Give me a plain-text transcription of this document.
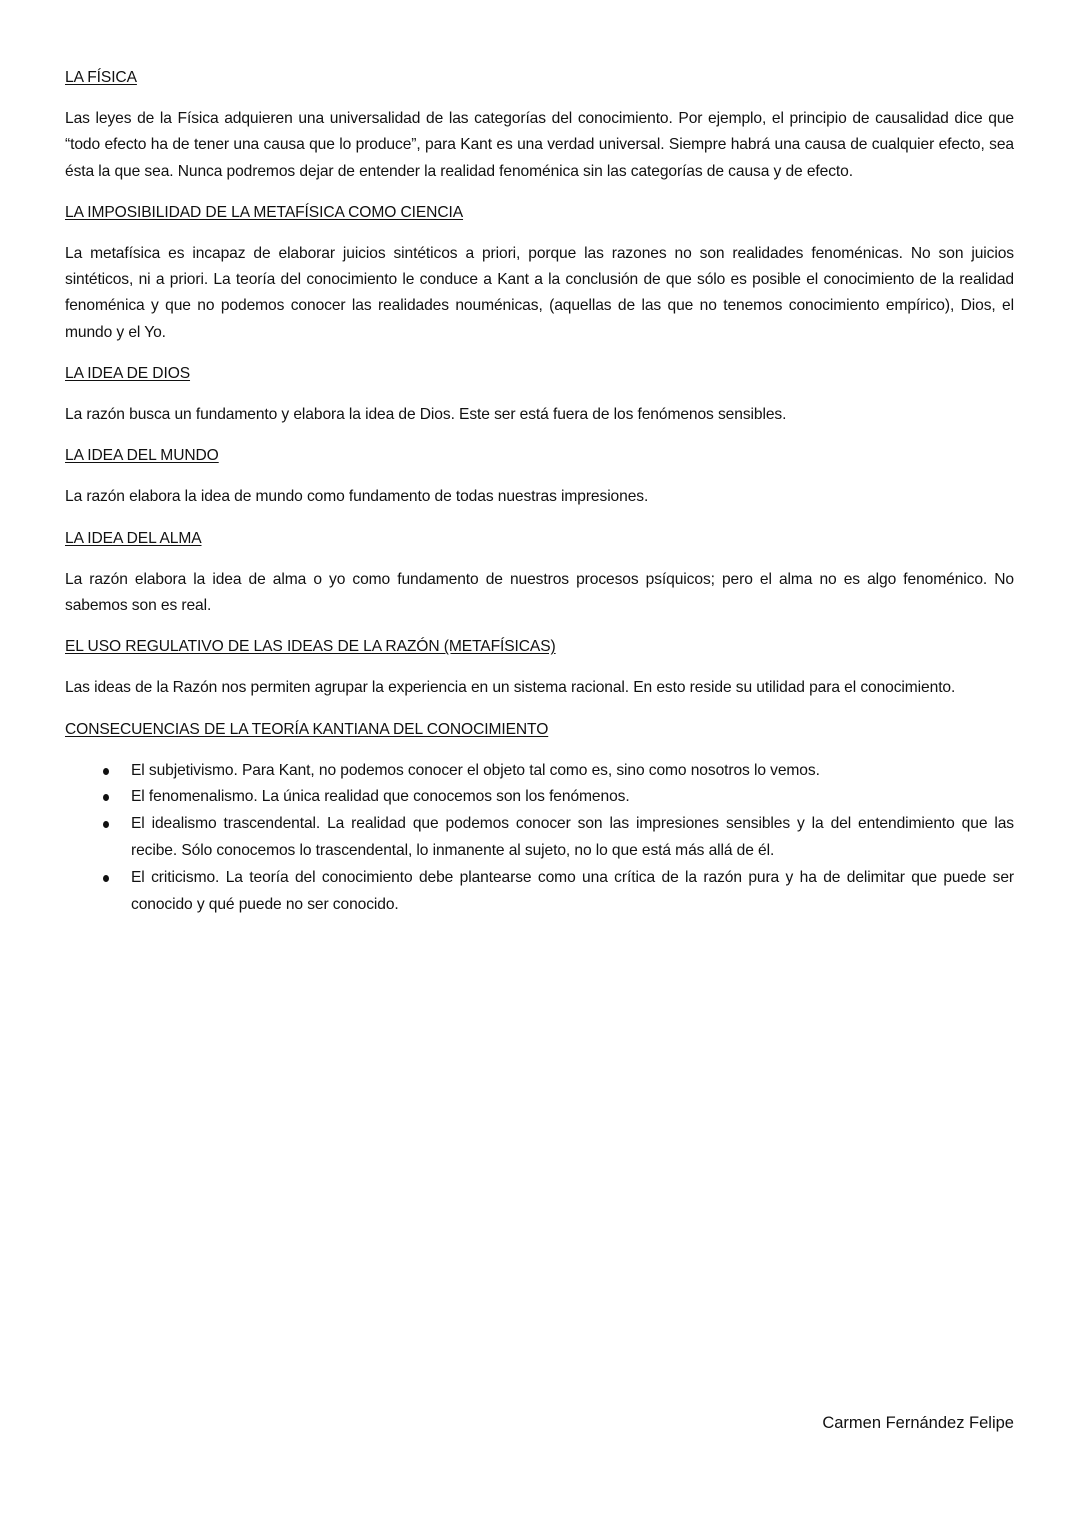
LA FÍSICA
Las leyes de la Física adquieren una universalidad de las categorías del conocimiento. Por ejemplo, el principio de causalidad dice que “todo efecto ha de tener una causa que lo produce”, para Kant es una verdad universal. Siempre habrá una causa de cualquier efecto, sea ésta la que sea. Nunca podremos dejar de entender la realidad fenoménica sin las categorías de causa y de efecto.
LA IMPOSIBILIDAD DE LA METAFÍSICA COMO CIENCIA
La metafísica es incapaz de elaborar juicios sintéticos a priori, porque las razones no son realidades fenoménicas. No son juicios sintéticos, ni a priori. La teoría del conocimiento le conduce a Kant a la conclusión de que sólo es posible el conocimiento de la realidad fenoménica y que no podemos conocer las realidades nouménicas, (aquellas de las que no tenemos conocimiento empírico), Dios, el mundo y el Yo.
LA IDEA DE DIOS
La razón busca un fundamento y elabora la idea de Dios. Este ser está fuera de los fenómenos sensibles.
LA IDEA DEL MUNDO
La razón elabora la idea de mundo como fundamento de todas nuestras impresiones.
LA IDEA DEL ALMA
La razón elabora la idea de alma o yo como fundamento de nuestros procesos psíquicos; pero el alma no es algo fenoménico. No sabemos son es real.
EL USO REGULATIVO DE LAS IDEAS DE LA RAZÓN (METAFÍSICAS)
Las ideas de la Razón nos permiten agrupar la experiencia en un sistema racional. En esto reside su utilidad para el conocimiento.
CONSECUENCIAS DE LA TEORÍA KANTIANA DEL CONOCIMIENTO
El subjetivismo. Para Kant, no podemos conocer el objeto tal como es, sino como nosotros lo vemos.
El fenomenalismo. La única realidad que conocemos son los fenómenos.
El idealismo trascendental. La realidad que podemos conocer son las impresiones sensibles y la del entendimiento que las recibe. Sólo conocemos lo trascendental, lo inmanente al sujeto, no lo que está más allá de él.
El criticismo. La teoría del conocimiento debe plantearse como una crítica de la razón pura y ha de delimitar que puede ser conocido y qué puede no ser conocido.
Carmen Fernández Felipe
